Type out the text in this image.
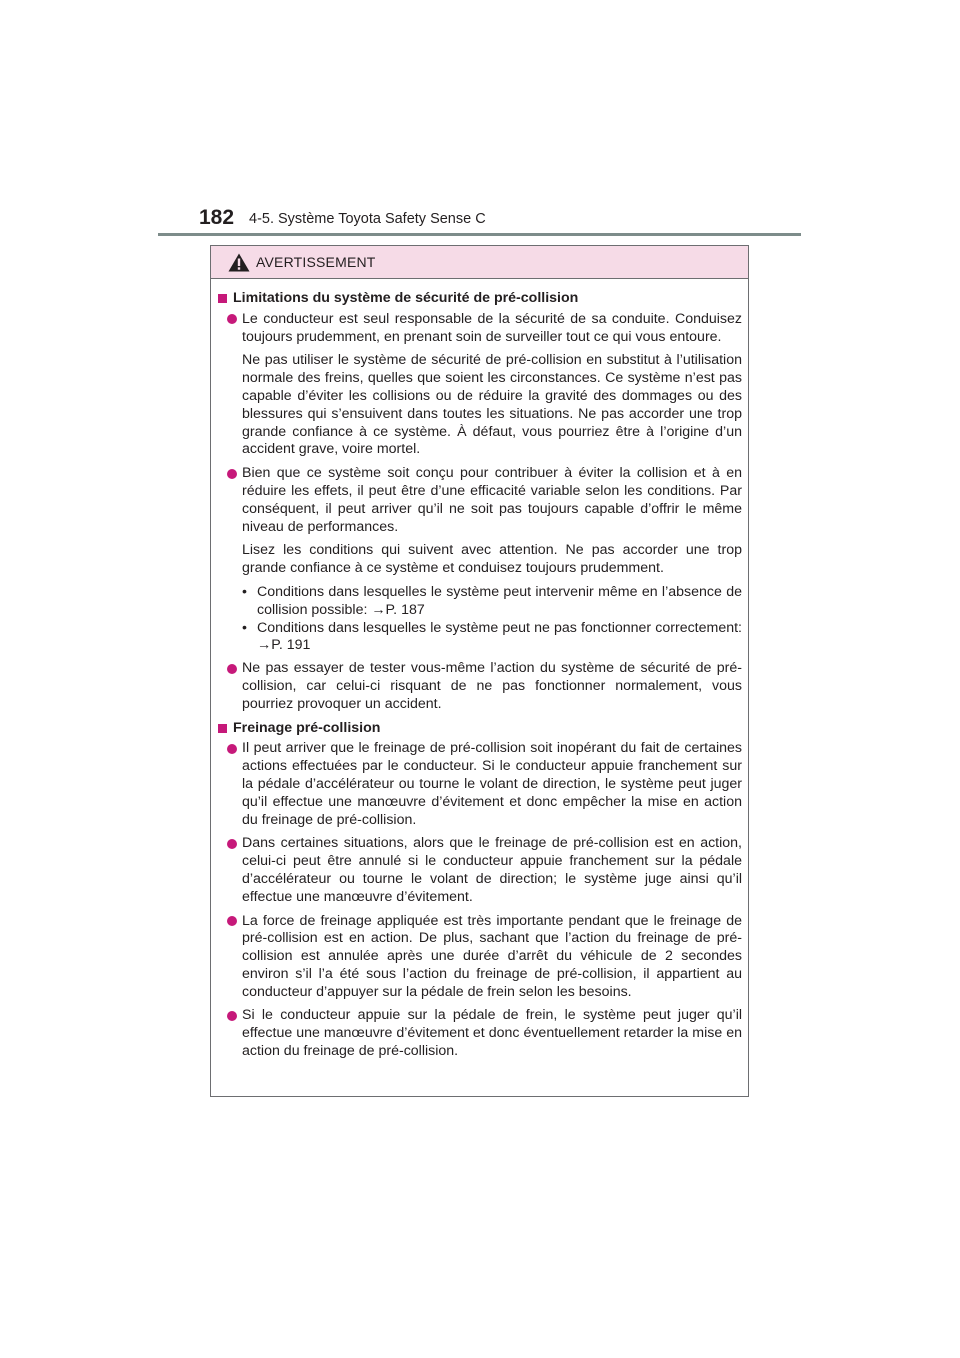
182 4-5. Système Toyota Safety Sense C
AVERTISSEMENT
Limitations du système de sécurité de pré-collision
Le conducteur est seul responsable de la sécurité de sa conduite. Conduisez toujours prudemment, en prenant soin de surveiller tout ce qui vous entoure.
Ne pas utiliser le système de sécurité de pré-collision en substitut à l’utilisation normale des freins, quelles que soient les circonstances. Ce système n’est pas capable d’éviter les collisions ou de réduire la gravité des dommages ou des blessures qui s’ensuivent dans toutes les situations. Ne pas accorder une trop grande confiance à ce système. À défaut, vous pourriez être à l’origine d’un accident grave, voire mortel.
Bien que ce système soit conçu pour contribuer à éviter la collision et à en réduire les effets, il peut être d’une efficacité variable selon les conditions. Par conséquent, il peut arriver qu’il ne soit pas toujours capable d’offrir le même niveau de performances.
Lisez les conditions qui suivent avec attention. Ne pas accorder une trop grande confiance à ce système et conduisez toujours prudemment.
• Conditions dans lesquelles le système peut intervenir même en l’absence de collision possible: →P. 187
• Conditions dans lesquelles le système peut ne pas fonctionner correctement: →P. 191
Ne pas essayer de tester vous-même l’action du système de sécurité de pré-collision, car celui-ci risquant de ne pas fonctionner normalement, vous pourriez provoquer un accident.
Freinage pré-collision
Il peut arriver que le freinage de pré-collision soit inopérant du fait de certaines actions effectuées par le conducteur. Si le conducteur appuie franchement sur la pédale d’accélérateur ou tourne le volant de direction, le système peut juger qu’il effectue une manœuvre d’évitement et donc empêcher la mise en action du freinage de pré-collision.
Dans certaines situations, alors que le freinage de pré-collision est en action, celui-ci peut être annulé si le conducteur appuie franchement sur la pédale d’accélérateur ou tourne le volant de direction; le système juge ainsi qu’il effectue une manœuvre d’évitement.
La force de freinage appliquée est très importante pendant que le freinage de pré-collision est en action. De plus, sachant que l’action du freinage de pré-collision est annulée après une durée d’arrêt du véhicule de 2 secondes environ s’il l’a été sous l’action du freinage de pré-collision, il appartient au conducteur d’appuyer sur la pédale de frein selon les besoins.
Si le conducteur appuie sur la pédale de frein, le système peut juger qu’il effectue une manœuvre d’évitement et donc éventuellement retarder la mise en action du freinage de pré-collision.
